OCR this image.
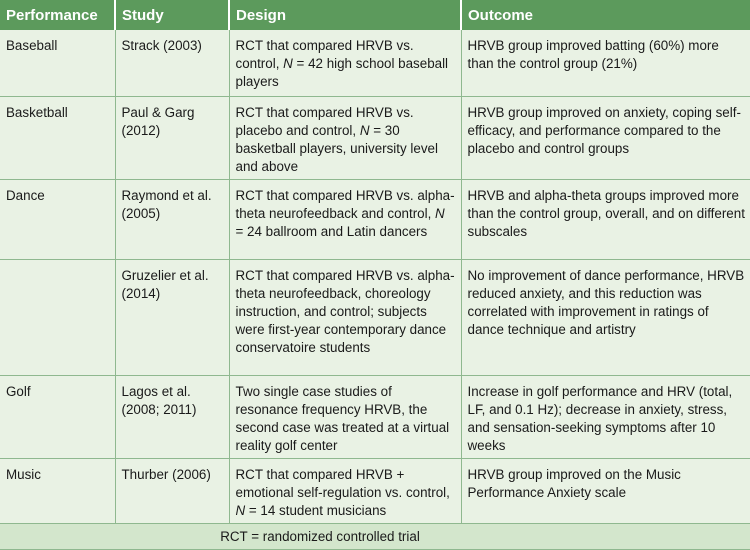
Performance	Study	Design	Outcome
Baseball	Strack (2003)	RCT that compared HRVB vs. control, N = 42 high school baseball players	HRVB group improved batting (60%) more than the control group (21%)
Basketball	Paul & Garg (2012)	RCT that compared HRVB vs. placebo and control, N = 30 basketball players, university level and above	HRVB group improved on anxiety, coping self-efficacy, and performance compared to the placebo and control groups
Dance	Raymond et al. (2005)	RCT that compared HRVB vs. alpha-theta neurofeedback and control, N = 24 ballroom and Latin dancers	HRVB and alpha-theta groups improved more than the control group, overall, and on different subscales
	Gruzelier et al. (2014)	RCT that compared HRVB vs. alpha-theta neurofeedback, choreology instruction, and control; subjects were first-year contemporary dance conservatoire students	No improvement of dance performance, HRVB reduced anxiety, and this reduction was correlated with improvement in ratings of dance technique and artistry
Golf	Lagos et al. (2008; 2011)	Two single case studies of resonance frequency HRVB, the second case was treated at a virtual reality golf center	Increase in golf performance and HRV (total, LF, and 0.1 Hz); decrease in anxiety, stress, and sensation-seeking symptoms after 10 weeks
Music	Thurber (2006)	RCT that compared HRVB + emotional self-regulation vs. control, N = 14 student musicians	HRVB group improved on the Music Performance Anxiety scale
RCT = randomized controlled trial			
